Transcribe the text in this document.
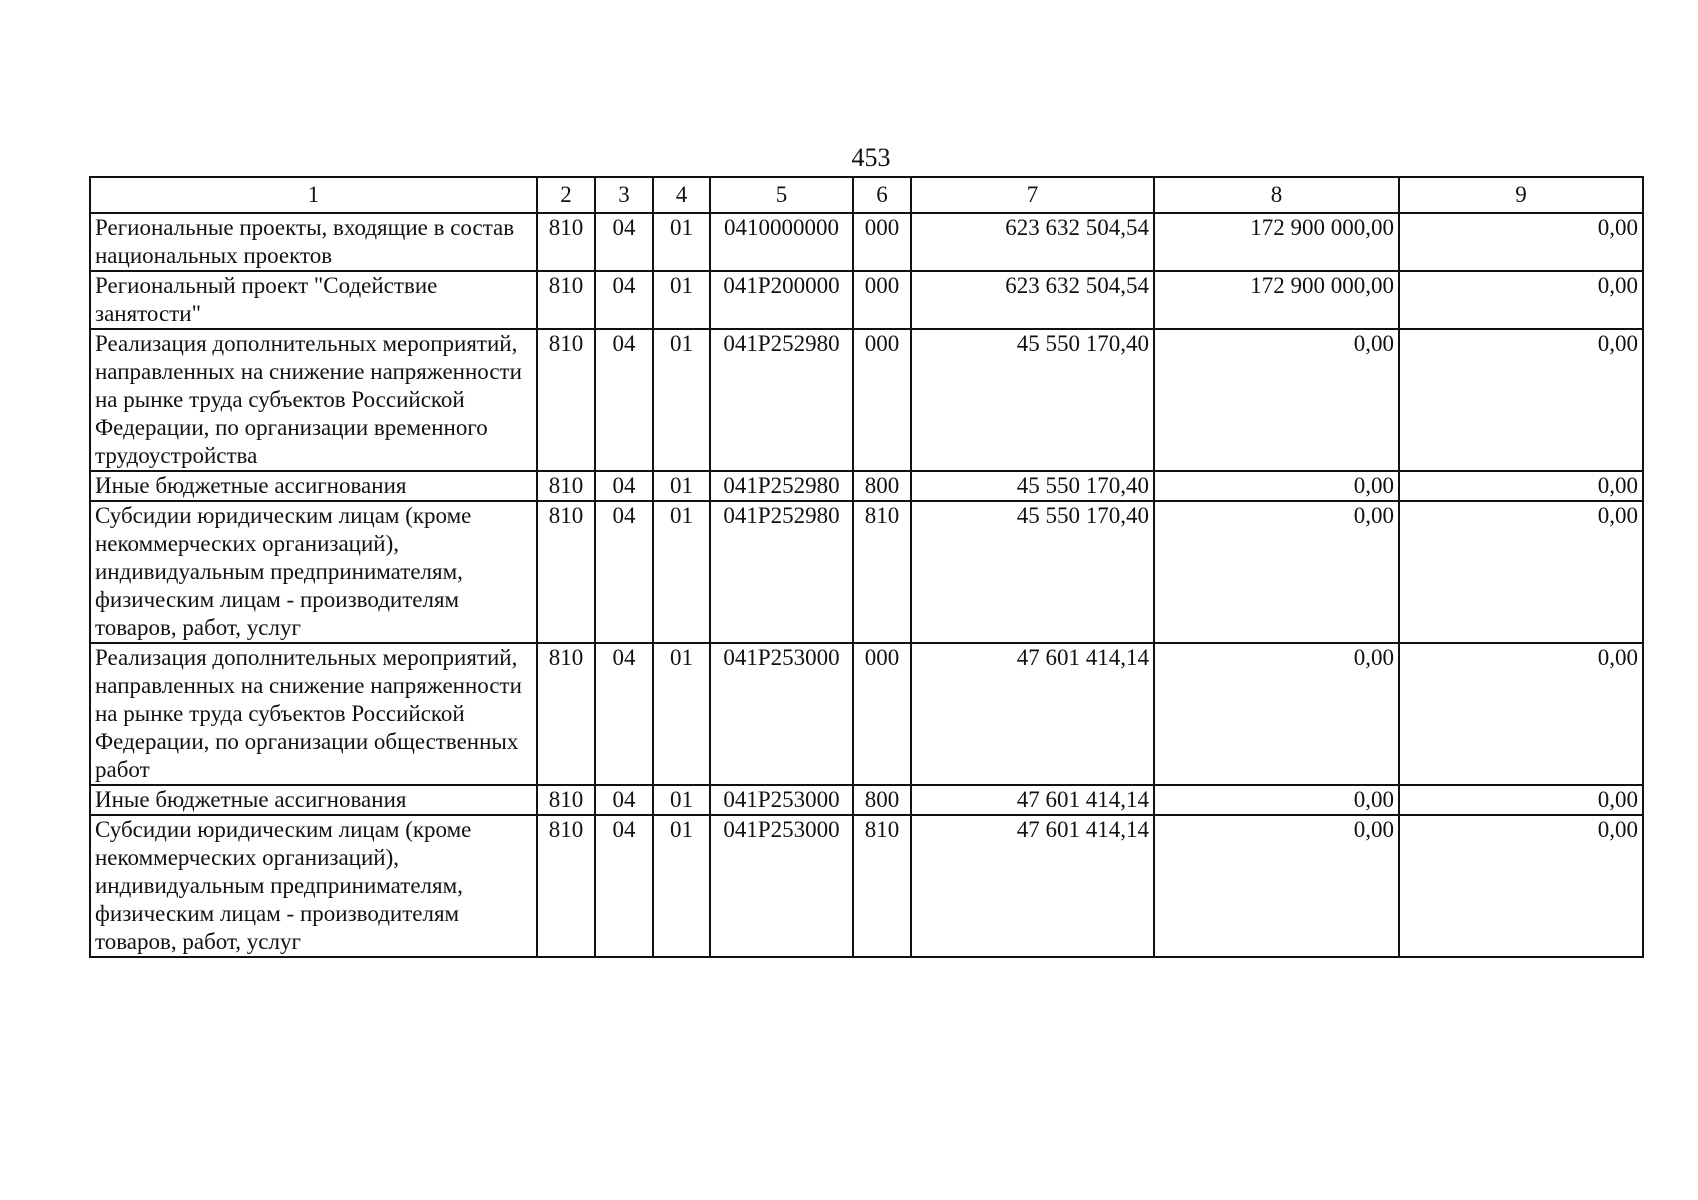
453
1	2	3	4	5	6	7	8	9
Региональные проекты, входящие в состав национальных проектов	810	04	01	0410000000	000	623 632 504,54	172 900 000,00	0,00
Региональный проект "Содействие занятости"	810	04	01	041P200000	000	623 632 504,54	172 900 000,00	0,00
Реализация дополнительных мероприятий, направленных на снижение напряженности на рынке труда субъектов Российской Федерации, по организации временного трудоустройства	810	04	01	041P252980	000	45 550 170,40	0,00	0,00
Иные бюджетные ассигнования	810	04	01	041P252980	800	45 550 170,40	0,00	0,00
Субсидии юридическим лицам (кроме некоммерческих организаций), индивидуальным предпринимателям, физическим лицам - производителям товаров, работ, услуг	810	04	01	041P252980	810	45 550 170,40	0,00	0,00
Реализация дополнительных мероприятий, направленных на снижение напряженности на рынке труда субъектов Российской Федерации, по организации общественных работ	810	04	01	041P253000	000	47 601 414,14	0,00	0,00
Иные бюджетные ассигнования	810	04	01	041P253000	800	47 601 414,14	0,00	0,00
Субсидии юридическим лицам (кроме некоммерческих организаций), индивидуальным предпринимателям, физическим лицам - производителям товаров, работ, услуг	810	04	01	041P253000	810	47 601 414,14	0,00	0,00
